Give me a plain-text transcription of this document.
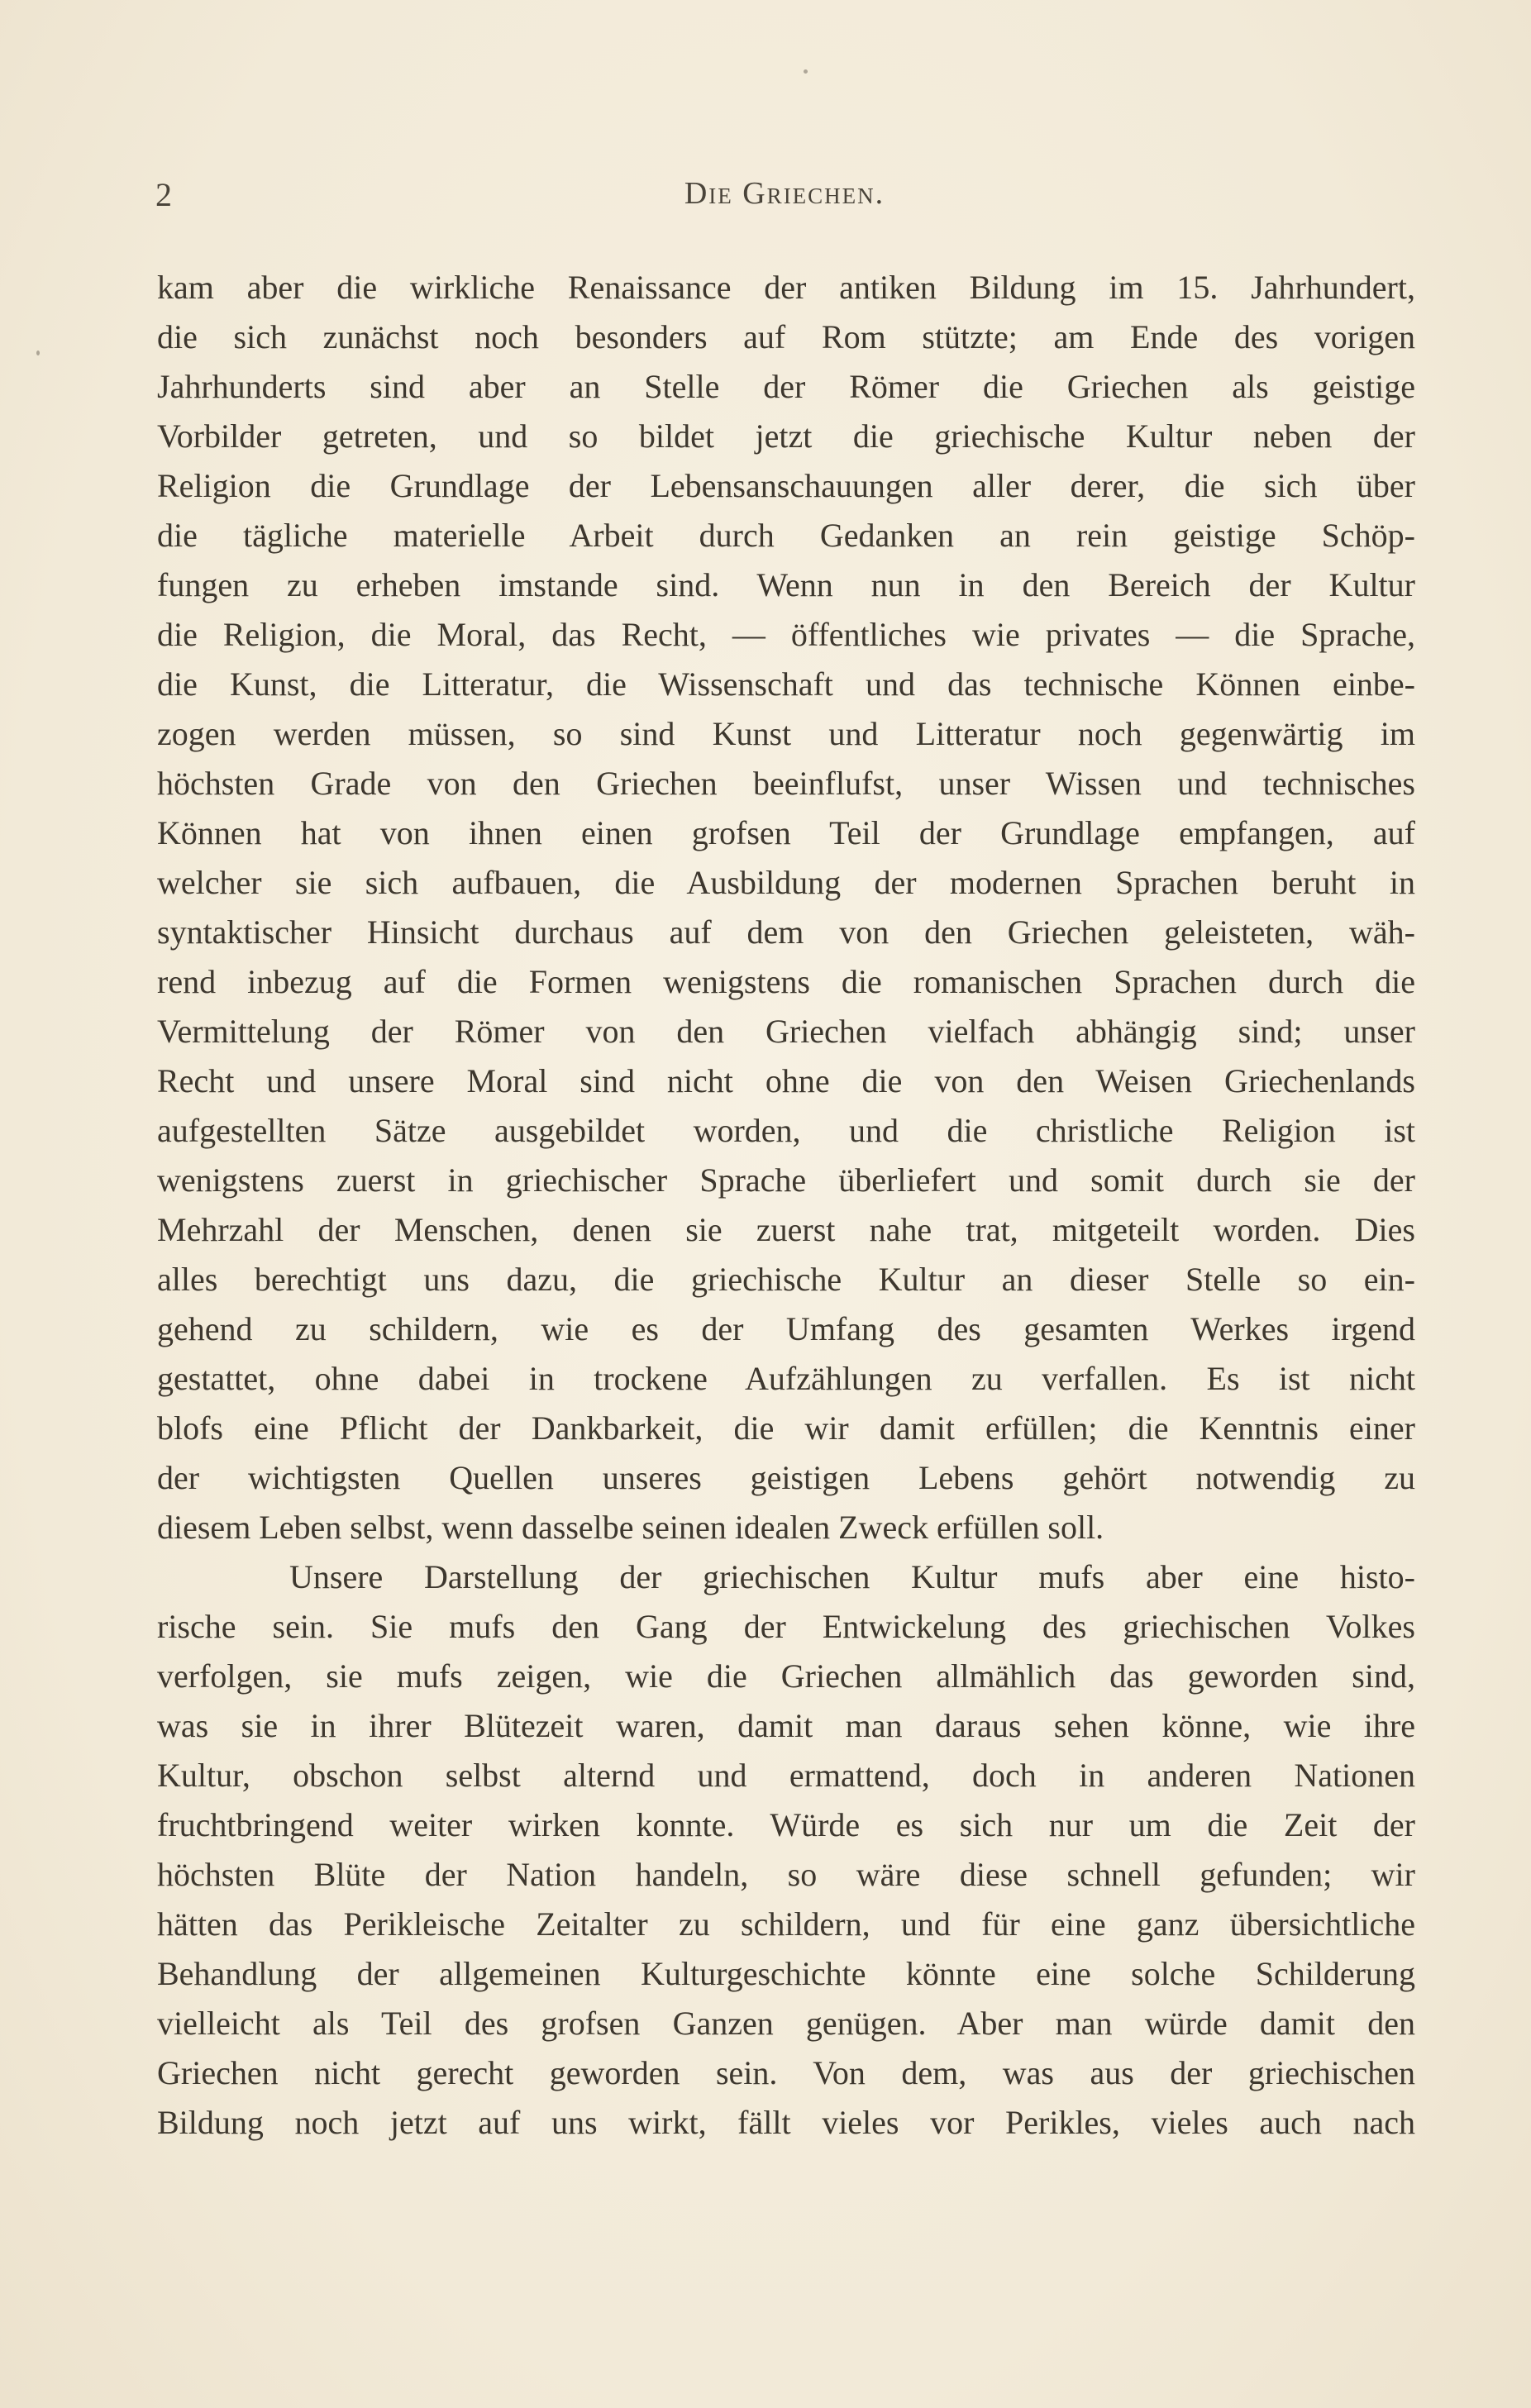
2	Die Griechen.
kam aber die wirkliche Renaissance der antiken Bildung im 15. Jahrhundert,
die sich zunächst noch besonders auf Rom stützte; am Ende des vorigen
Jahrhunderts sind aber an Stelle der Römer die Griechen als geistige
Vorbilder getreten, und so bildet jetzt die griechische Kultur neben der
Religion die Grundlage der Lebensanschauungen aller derer, die sich über
die tägliche materielle Arbeit durch Gedanken an rein geistige Schöp-
fungen zu erheben imstande sind. Wenn nun in den Bereich der Kultur
die Religion, die Moral, das Recht, — öffentliches wie privates — die Sprache,
die Kunst, die Litteratur, die Wissenschaft und das technische Können einbe-
zogen werden müssen, so sind Kunst und Litteratur noch gegenwärtig im
höchsten Grade von den Griechen beeinflufst, unser Wissen und technisches
Können hat von ihnen einen grofsen Teil der Grundlage empfangen, auf
welcher sie sich aufbauen, die Ausbildung der modernen Sprachen beruht in
syntaktischer Hinsicht durchaus auf dem von den Griechen geleisteten, wäh-
rend inbezug auf die Formen wenigstens die romanischen Sprachen durch die
Vermittelung der Römer von den Griechen vielfach abhängig sind; unser
Recht und unsere Moral sind nicht ohne die von den Weisen Griechenlands
aufgestellten Sätze ausgebildet worden, und die christliche Religion ist
wenigstens zuerst in griechischer Sprache überliefert und somit durch sie der
Mehrzahl der Menschen, denen sie zuerst nahe trat, mitgeteilt worden. Dies
alles berechtigt uns dazu, die griechische Kultur an dieser Stelle so ein-
gehend zu schildern, wie es der Umfang des gesamten Werkes irgend
gestattet, ohne dabei in trockene Aufzählungen zu verfallen. Es ist nicht
blofs eine Pflicht der Dankbarkeit, die wir damit erfüllen; die Kenntnis einer
der wichtigsten Quellen unseres geistigen Lebens gehört notwendig zu
diesem Leben selbst, wenn dasselbe seinen idealen Zweck erfüllen soll.
Unsere Darstellung der griechischen Kultur mufs aber eine histo-
rische sein. Sie mufs den Gang der Entwickelung des griechischen Volkes
verfolgen, sie mufs zeigen, wie die Griechen allmählich das geworden sind,
was sie in ihrer Blütezeit waren, damit man daraus sehen könne, wie ihre
Kultur, obschon selbst alternd und ermattend, doch in anderen Nationen
fruchtbringend weiter wirken konnte. Würde es sich nur um die Zeit der
höchsten Blüte der Nation handeln, so wäre diese schnell gefunden; wir
hätten das Perikleische Zeitalter zu schildern, und für eine ganz übersichtliche
Behandlung der allgemeinen Kulturgeschichte könnte eine solche Schilderung
vielleicht als Teil des grofsen Ganzen genügen. Aber man würde damit den
Griechen nicht gerecht geworden sein. Von dem, was aus der griechischen
Bildung noch jetzt auf uns wirkt, fällt vieles vor Perikles, vieles auch nach
